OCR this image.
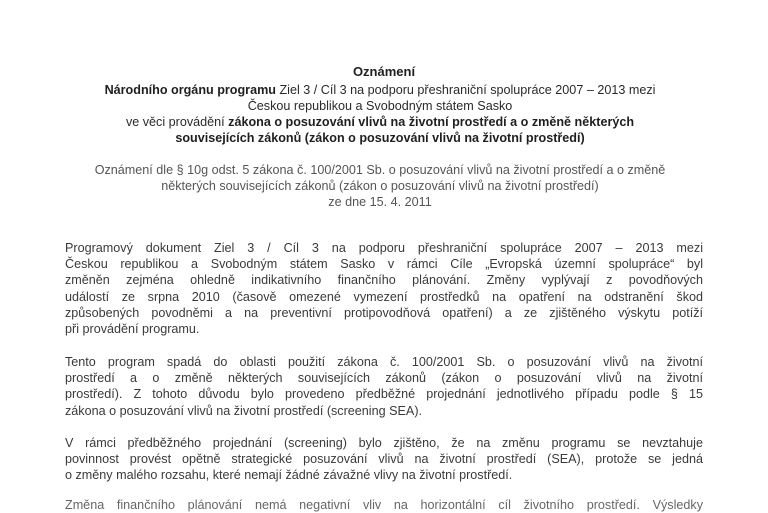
Oznámení
Národního orgánu programu Ziel 3 / Cíl 3 na podporu přeshraniční spolupráce 2007 – 2013 mezi
Českou republikou a Svobodným státem Sasko
ve věci provádění zákona o posuzování vlivů na životní prostředí a o změně některých
souvisejících zákonů (zákon o posuzování vlivů na životní prostředí)
Oznámení dle § 10g odst. 5 zákona č. 100/2001 Sb. o posuzování vlivů na životní prostředí a o změně
některých souvisejících zákonů (zákon o posuzování vlivů na životní prostředí)
ze dne 15. 4. 2011
Programový dokument Ziel 3 / Cíl 3 na podporu přeshraniční spolupráce 2007 – 2013 mezi
Českou republikou a Svobodným státem Sasko v rámci Cíle „Evropská územní spolupráce“ byl
změněn zejména ohledně indikativního finančního plánování. Změny vyplývají z povodňových
událostí ze srpna 2010 (časově omezené vymezení prostředků na opatření na odstranění škod
způsobených povodněmi a na preventivní protipovodňová opatření) a ze zjištěného výskytu potíží
při provádění programu.
Tento program spadá do oblasti použití zákona č. 100/2001 Sb. o posuzování vlivů na životní
prostředí a o změně některých souvisejících zákonů (zákon o posuzování vlivů na životní
prostředí). Z tohoto důvodu bylo provedeno předběžné projednání jednotlivého případu podle § 15
zákona o posuzování vlivů na životní prostředí (screening SEA).
V rámci předběžného projednání (screening) bylo zjištěno, že na změnu programu se nevztahuje
povinnost provést opětně strategické posuzování vlivů na životní prostředí (SEA), protože se jedná
o změny malého rozsahu, které nemají žádné závažné vlivy na životní prostředí.
Změna finančního plánování nemá negativní vliv na horizontální cíl životního prostředí. Výsledky
